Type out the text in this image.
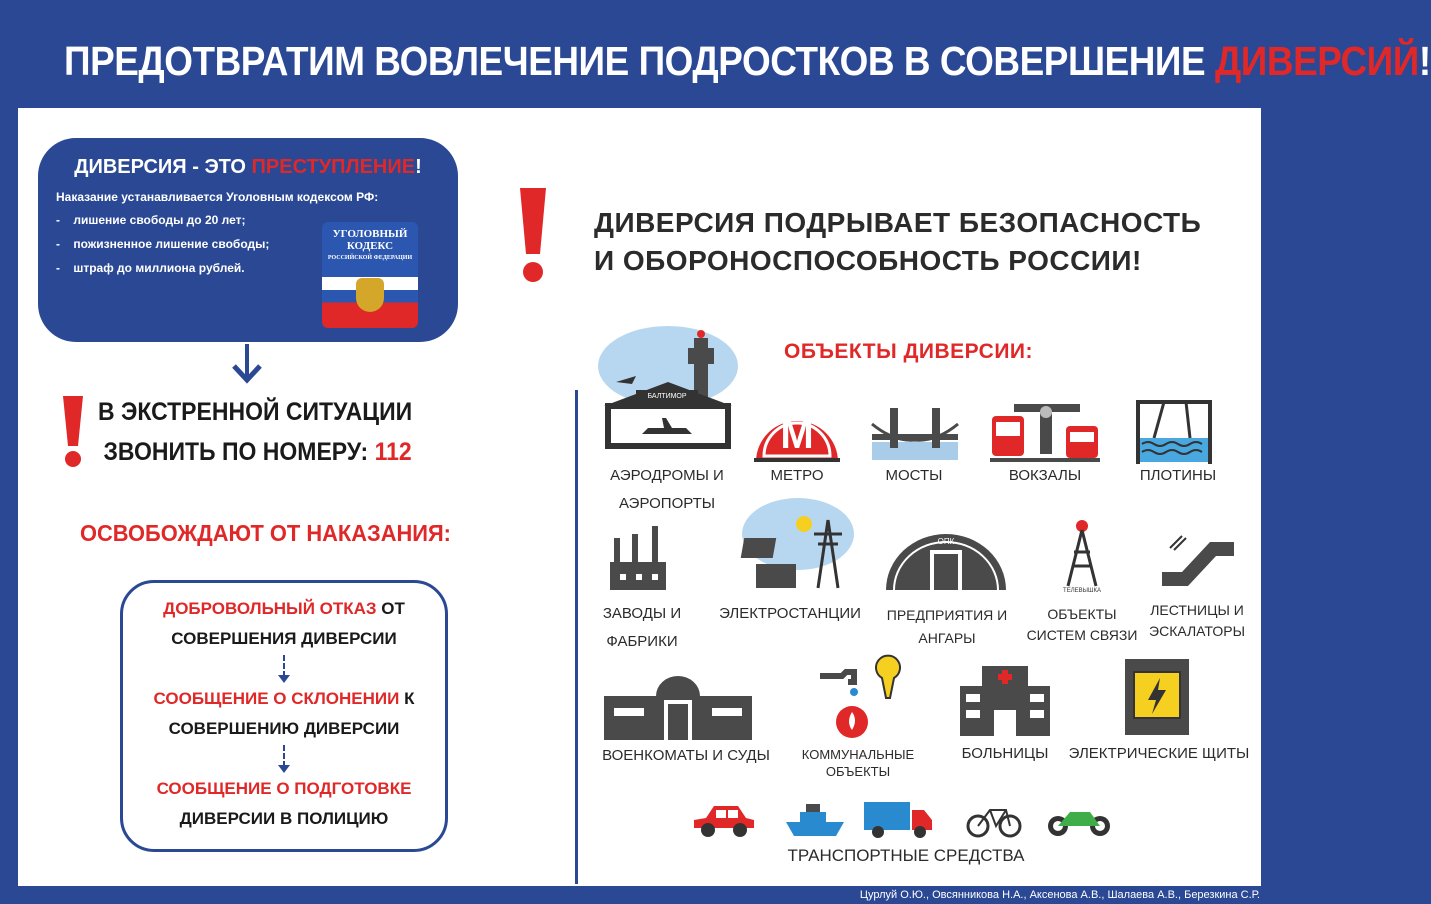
ПРЕДОТВРАТИМ ВОВЛЕЧЕНИЕ ПОДРОСТКОВ В СОВЕРШЕНИЕ ДИВЕРСИЙ!
ДИВЕРСИЯ - ЭТО ПРЕСТУПЛЕНИЕ!
Наказание устанавливается Уголовным кодексом РФ:
- лишение свободы до 20 лет;
- пожизненное лишение свободы;
- штраф до миллиона рублей.
УГОЛОВНЫЙ
КОДЕКС
РОССИЙСКОЙ ФЕДЕРАЦИИ
В ЭКСТРЕННОЙ СИТУАЦИИ
ЗВОНИТЬ ПО НОМЕРУ: 112
ОСВОБОЖДАЮТ ОТ НАКАЗАНИЯ:
ДОБРОВОЛЬНЫЙ ОТКАЗ ОТ
СОВЕРШЕНИЯ ДИВЕРСИИ
СООБЩЕНИЕ О СКЛОНЕНИИ К
СОВЕРШЕНИЮ ДИВЕРСИИ
СООБЩЕНИЕ О ПОДГОТОВКЕ
ДИВЕРСИИ В ПОЛИЦИЮ
ДИВЕРСИЯ ПОДРЫВАЕТ БЕЗОПАСНОСТЬ
И ОБОРОНОСПОСОБНОСТЬ РОССИИ!
ОБЪЕКТЫ ДИВЕРСИИ:
БАЛТИМОР
АЭРОДРОМЫ И
АЭРОПОРТЫ
М
МЕТРО	МОСТЫ	ВОКЗАЛЫ	ПЛОТИНЫ
ЗАВОДЫ И
ФАБРИКИ
ЭЛЕКТРОСТАНЦИИ
ОПК
ПРЕДПРИЯТИЯ И
АНГАРЫ
ТЕЛЕВЫШКА
ОБЪЕКТЫ
СИСТЕМ СВЯЗИ
ЛЕСТНИЦЫ И
ЭСКАЛАТОРЫ
ВОЕНКОМАТЫ И СУДЫ	КОММУНАЛЬНЫЕ
ОБЪЕКТЫ
БОЛЬНИЦЫ	ЭЛЕКТРИЧЕСКИЕ ЩИТЫ
ТРАНСПОРТНЫЕ СРЕДСТВА
Цурлуй О.Ю., Овсянникова Н.А., Аксенова А.В., Шалаева А.В., Березкина С.Р.
